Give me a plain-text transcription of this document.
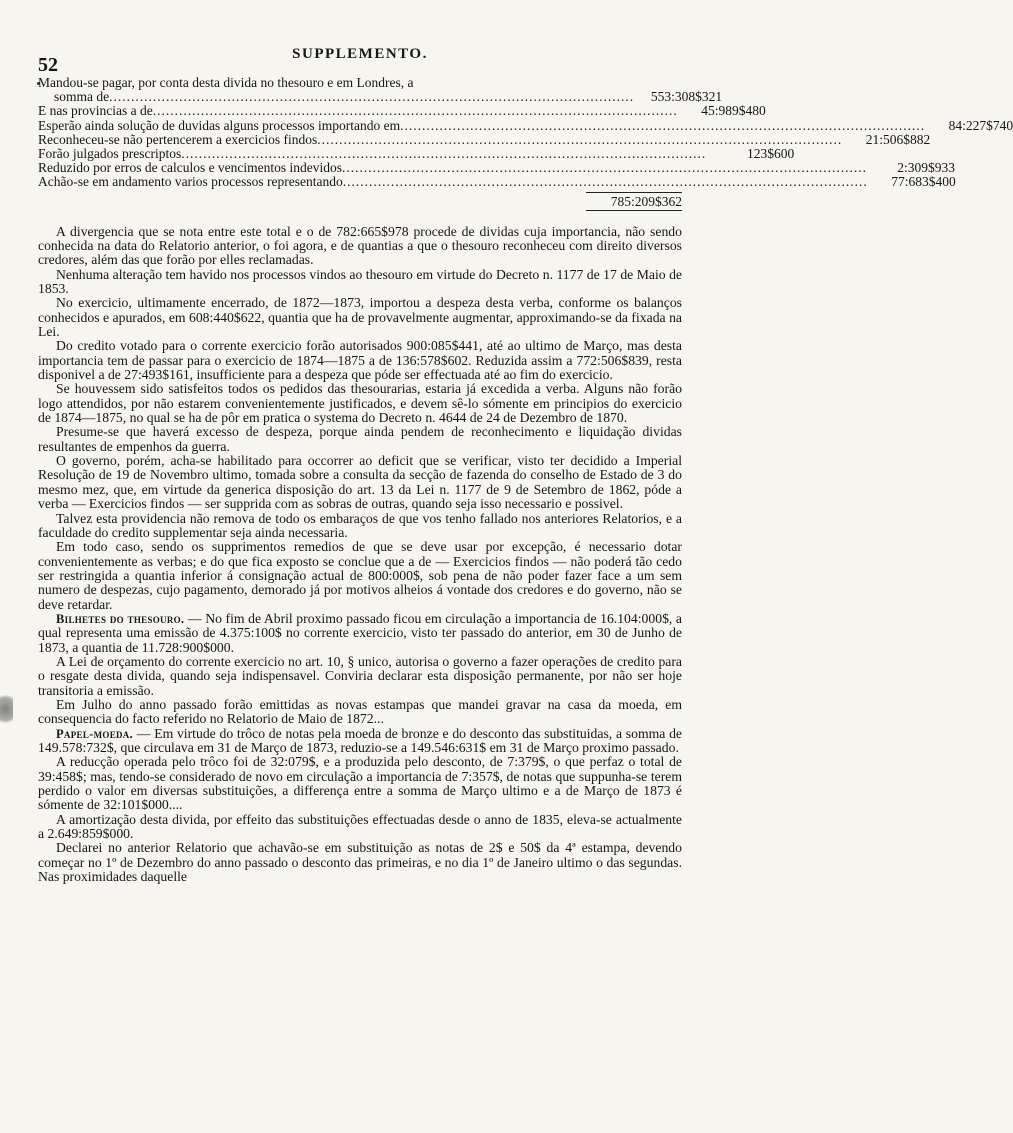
52	SUPPLEMENTO.
Mandou-se pagar, por conta desta divida no thesouro e em Londres, a
somma de........................................................................................................................	553:308$321
E nas provincias a de........................................................................................................................	45:989$480
Esperão ainda solução de duvidas alguns processos importando em........................................................................................................................	84:227$740
Reconheceu-se não pertencerem a exercicios findos........................................................................................................................	21:506$882
Forão julgados prescriptos........................................................................................................................	123$600
Reduzido por erros de calculos e vencimentos indevidos........................................................................................................................	2:309$933
Achão-se em andamento varios processos representando........................................................................................................................	77:683$400
785:209$362

A divergencia que se nota entre este total e o de 782:665$978 procede de dividas cuja importancia, não sendo conhecida na data do Relatorio anterior, o foi agora, e de quantias a que o thesouro reconheceu com direito diversos credores, além das que forão por elles reclamadas.

Nenhuma alteração tem havido nos processos vindos ao thesouro em virtude do Decreto n. 1177 de 17 de Maio de 1853.

No exercicio, ultimamente encerrado, de 1872—1873, importou a despeza desta verba, conforme os balanços conhecidos e apurados, em 608:440$622, quantia que ha de provavelmente augmentar, approximando-se da fixada na Lei.

Do credito votado para o corrente exercicio forão autorisados 900:085$441, até ao ultimo de Março, mas desta importancia tem de passar para o exercicio de 1874—1875 a de 136:578$602. Reduzida assim a 772:506$839, resta disponivel a de 27:493$161, insufficiente para a despeza que póde ser effectuada até ao fim do exercicio.

Se houvessem sido satisfeitos todos os pedidos das thesourarias, estaria já excedida a verba. Alguns não forão logo attendidos, por não estarem convenientemente justificados, e devem sê-lo sómente em principios do exercicio de 1874—1875, no qual se ha de pôr em pratica o systema do Decreto n. 4644 de 24 de Dezembro de 1870.

Presume-se que haverá excesso de despeza, porque ainda pendem de reconhecimento e liquidação dividas resultantes de empenhos da guerra.

O governo, porém, acha-se habilitado para occorrer ao deficit que se verificar, visto ter decidido a Imperial Resolução de 19 de Novembro ultimo, tomada sobre a consulta da secção de fazenda do conselho de Estado de 3 do mesmo mez, que, em virtude da generica disposição do art. 13 da Lei n. 1177 de 9 de Setembro de 1862, póde a verba — Exercicios findos — ser supprida com as sobras de outras, quando seja isso necessario e possivel.

Talvez esta providencia não remova de todo os embaraços de que vos tenho fallado nos anteriores Relatorios, e a faculdade do credito supplementar seja ainda necessaria.

Em todo caso, sendo os supprimentos remedios de que se deve usar por excepção, é necessario dotar convenientemente as verbas; e do que fica exposto se conclue que a de — Exercicios findos — não poderá tão cedo ser restringida a quantia inferior á consignação actual de 800:000$, sob pena de não poder fazer face a um sem numero de despezas, cujo pagamento, demorado já por motivos alheios á vontade dos credores e do governo, não se deve retardar.

Bilhetes do thesouro. — No fim de Abril proximo passado ficou em circulação a importancia de 16.104:000$, a qual representa uma emissão de 4.375:100$ no corrente exercicio, visto ter passado do anterior, em 30 de Junho de 1873, a quantia de 11.728:900$000.

A Lei de orçamento do corrente exercicio no art. 10, § unico, autorisa o governo a fazer operações de credito para o resgate desta divida, quando seja indispensavel. Conviria declarar esta disposição permanente, por não ser hoje transitoria a emissão.

Em Julho do anno passado forão emittidas as novas estampas que mandei gravar na casa da moeda, em consequencia do facto referido no Relatorio de Maio de 1872...

Papel-moeda. — Em virtude do trôco de notas pela moeda de bronze e do desconto das substituidas, a somma de 149.578:732$, que circulava em 31 de Março de 1873, reduzio-se a 149.546:631$ em 31 de Março proximo passado.

A reducção operada pelo trôco foi de 32:079$, e a produzida pelo desconto, de 7:379$, o que perfaz o total de 39:458$; mas, tendo-se considerado de novo em circulação a importancia de 7:357$, de notas que suppunha-se terem perdido o valor em diversas substituições, a differença entre a somma de Março ultimo e a de Março de 1873 é sómente de 32:101$000....

A amortização desta divida, por effeito das substituições effectuadas desde o anno de 1835, eleva-se actualmente a 2.649:859$000.

Declarei no anterior Relatorio que achavão-se em substituição as notas de 2$ e 50$ da 4ª estampa, devendo começar no 1º de Dezembro do anno passado o desconto das primeiras, e no dia 1º de Janeiro ultimo o das segundas. Nas proximidades daquelle
